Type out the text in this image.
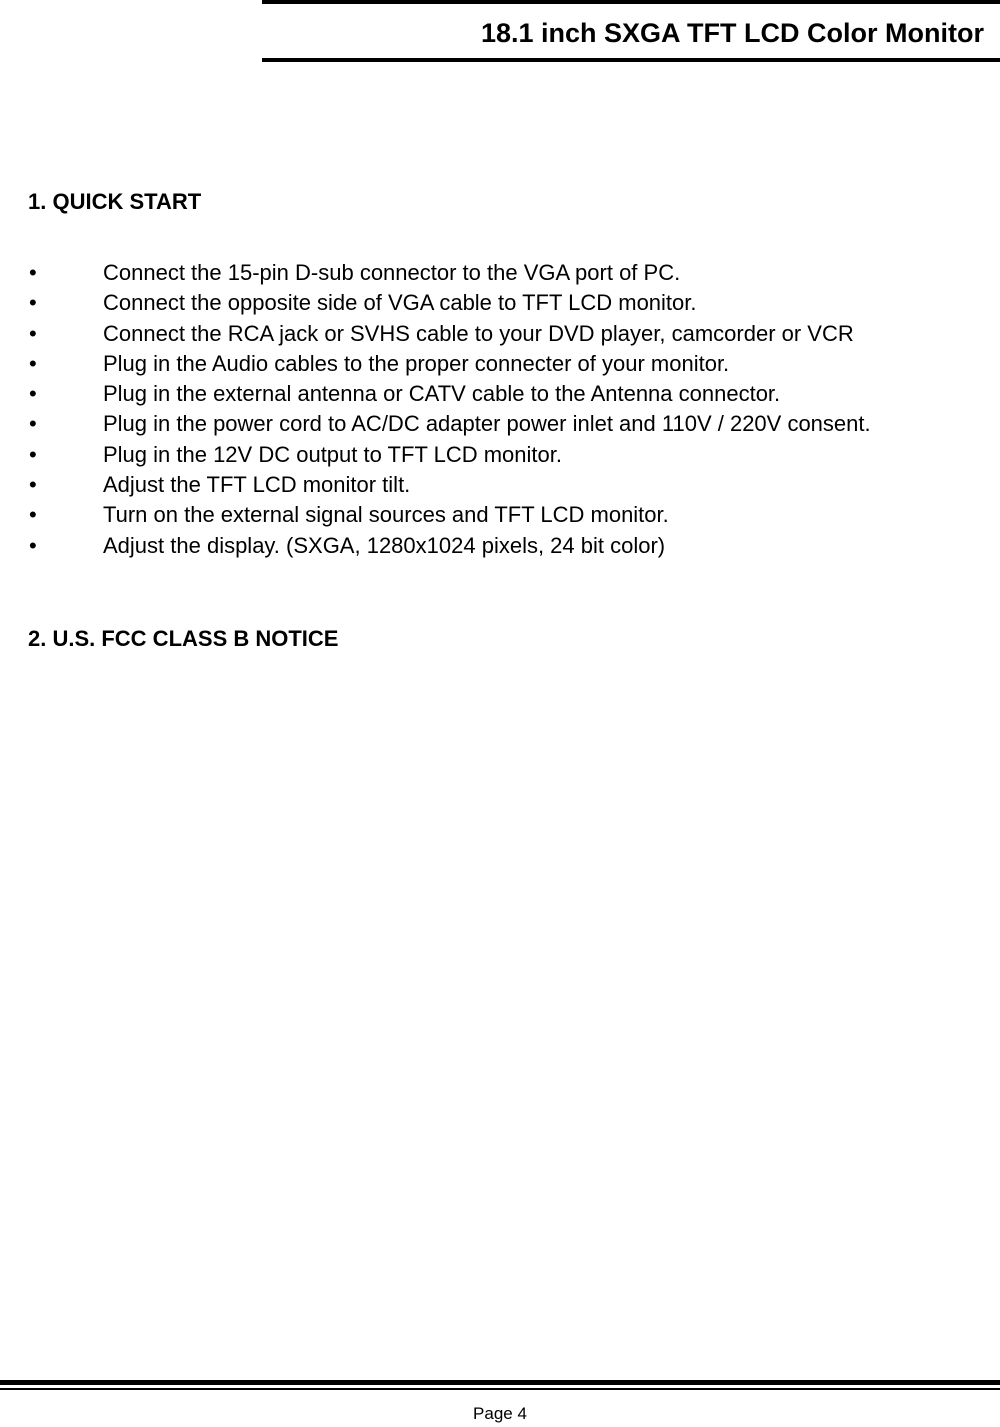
18.1 inch SXGA TFT LCD Color Monitor
1. QUICK START
•	Connect the 15-pin D-sub connector to the VGA port of PC.
•	Connect the opposite side of VGA cable to TFT LCD monitor.
•	Connect the RCA jack or SVHS cable to your DVD player, camcorder or VCR
•	Plug in the Audio cables to the proper connecter of your monitor.
•	Plug in the external antenna or CATV cable to the Antenna connector.
•	Plug in the power cord to AC/DC adapter power inlet and 110V / 220V consent.
•	Plug in the 12V DC output to TFT LCD monitor.
•	Adjust the TFT LCD monitor tilt.
•	Turn on the external signal sources and TFT LCD monitor.
•	Adjust the display. (SXGA, 1280x1024 pixels, 24 bit color)
2. U.S. FCC CLASS B NOTICE

Page 4
